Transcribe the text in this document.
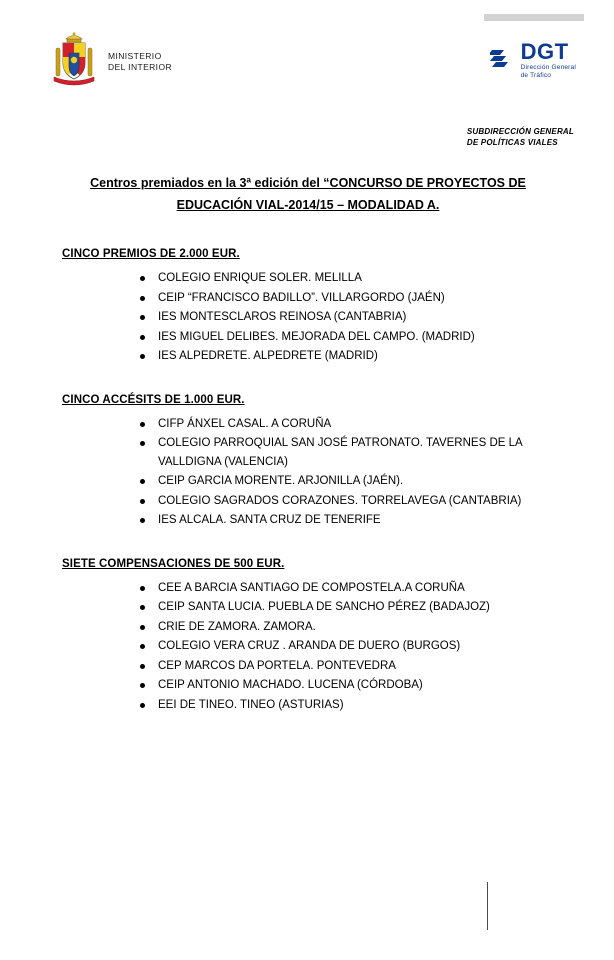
MINISTERIO
DEL INTERIOR
DGT
Dirección General
de Tráfico
SUBDIRECCIÓN GENERAL
DE POLÍTICAS VIALES
Centros premiados en la 3ª edición del “CONCURSO DE PROYECTOS DE
EDUCACIÓN VIAL-2014/15 – MODALIDAD A.
CINCO PREMIOS DE 2.000 EUR.
COLEGIO ENRIQUE SOLER. MELILLA
CEIP “FRANCISCO BADILLO”. VILLARGORDO (JAÉN)
IES MONTESCLAROS REINOSA (CANTABRIA)
IES MIGUEL DELIBES. MEJORADA DEL CAMPO. (MADRID)
IES ALPEDRETE. ALPEDRETE (MADRID)
CINCO ACCÉSITS DE 1.000 EUR.
CIFP ÁNXEL CASAL. A CORUÑA
COLEGIO PARROQUIAL SAN JOSÉ PATRONATO. TAVERNES DE LA VALLDIGNA (VALENCIA)
CEIP GARCIA MORENTE. ARJONILLA (JAÉN).
COLEGIO SAGRADOS CORAZONES. TORRELAVEGA (CANTABRIA)
IES ALCALA. SANTA CRUZ DE TENERIFE
SIETE COMPENSACIONES DE 500 EUR.
CEE A BARCIA SANTIAGO DE COMPOSTELA.A CORUÑA
CEIP SANTA LUCIA. PUEBLA DE SANCHO PÉREZ (BADAJOZ)
CRIE DE ZAMORA. ZAMORA.
COLEGIO VERA CRUZ . ARANDA DE DUERO (BURGOS)
CEP MARCOS DA PORTELA. PONTEVEDRA
CEIP ANTONIO MACHADO. LUCENA (CÓRDOBA)
EEI DE TINEO. TINEO (ASTURIAS)
